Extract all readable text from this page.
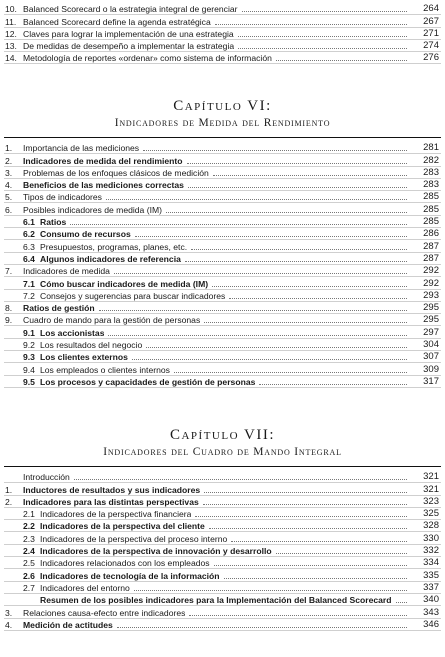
10. Balanced Scorecard o la estrategia integral de gerenciar	264
11. Balanced Scorecard define la agenda estratégica	267
12. Claves para lograr la implementación de una estrategia	271
13. De medidas de desempeño a implementar la estrategia	274
14. Metodología de reportes «ordenar» como sistema de información	276
Capítulo VI:
Indicadores de Medida del Rendimiento
1.	Importancia de las mediciones	281
2.	Indicadores de medida del rendimiento	282
3.	Problemas de los enfoques clásicos de medición	283
4.	Beneficios de las mediciones correctas	283
5.	Tipos de indicadores	285
6.	Posibles indicadores de medida (IM)	285
6.1 Ratios	285
6.2 Consumo de recursos	286
6.3 Presupuestos, programas, planes, etc.	287
6.4 Algunos indicadores de referencia	287
7.	Indicadores de medida	292
7.1 Cómo buscar indicadores de medida (IM)	292
7.2 Consejos y sugerencias para buscar indicadores	293
8.	Ratios de gestión	295
9.	Cuadro de mando para la gestión de personas	295
9.1 Los accionistas	297
9.2 Los resultados del negocio	304
9.3 Los clientes externos	307
9.4 Los empleados o clientes internos	309
9.5 Los procesos y capacidades de gestión de personas	317
Capítulo VII:
Indicadores del Cuadro de Mando Integral
Introducción	321
1.	Inductores de resultados y sus indicadores	321
2.	Indicadores para las distintas perspectivas	323
2.1 Indicadores de la perspectiva financiera	325
2.2 Indicadores de la perspectiva del cliente	328
2.3 Indicadores de la perspectiva del proceso interno	330
2.4 Indicadores de la perspectiva de innovación y desarrollo	332
2.5 Indicadores relacionados con los empleados	334
2.6 Indicadores de tecnología de la información	335
2.7 Indicadores del entorno	337
Resumen de los posibles indicadores para la Implementación del Balanced Scorecard	340
3.	Relaciones causa-efecto entre indicadores	343
4.	Medición de actitudes	346
